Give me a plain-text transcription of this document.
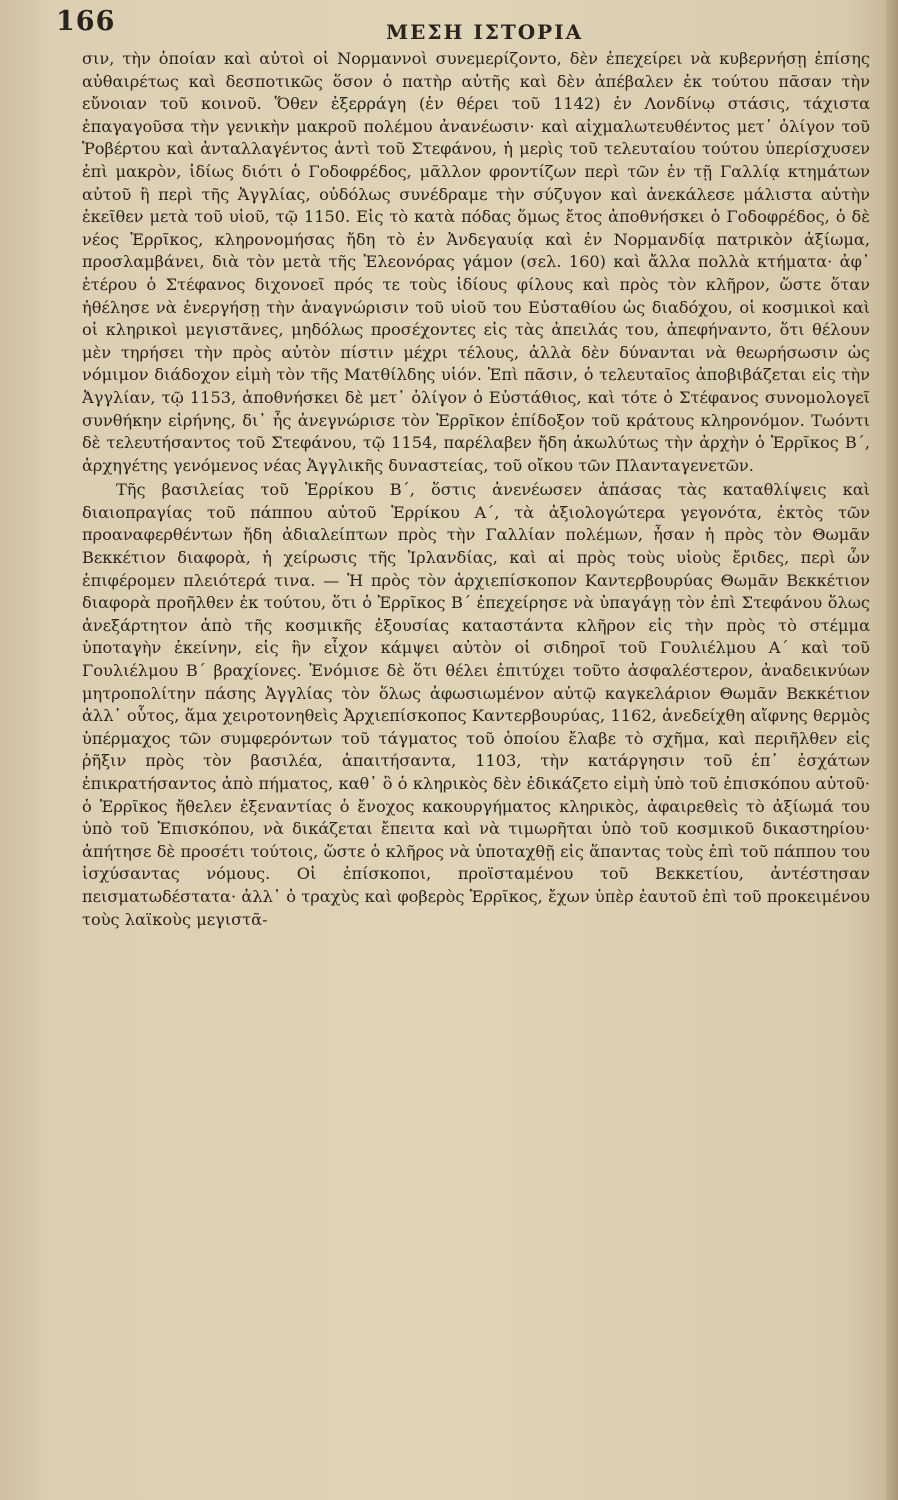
166	ΜΕΣΗ ΙΣΤΟΡΙΑ

σιν, τὴν ὁποίαν καὶ αὐτοὶ οἱ Νορμαννοὶ συνεμερίζοντο, δὲν ἐπεχείρει νὰ κυβερνήσῃ ἐπίσης αὐθαιρέτως καὶ δεσποτικῶς ὅσον ὁ πατὴρ αὐτῆς καὶ δὲν ἀπέβαλεν ἐκ τούτου πᾶσαν τὴν εὔνοιαν τοῦ κοινοῦ. Ὅθεν ἐξερράγη (ἐν θέρει τοῦ 1142) ἐν Λονδίνῳ στάσις, τάχιστα ἐπαγαγοῦσα τὴν γενικὴν μακροῦ πολέμου ἀνανέωσιν· καὶ αἰχμαλωτευθέντος μετ᾽ ὀλίγον τοῦ Ῥοβέρτου καὶ ἀνταλλαγέντος ἀντὶ τοῦ Στεφάνου, ἡ μερὶς τοῦ τελευταίου τούτου ὑπερίσχυσεν ἐπὶ μακρὸν, ἰδίως διότι ὁ Γοδοφρέδος, μᾶλλον φροντίζων περὶ τῶν ἐν τῇ Γαλλίᾳ κτημάτων αὐτοῦ ἢ περὶ τῆς Ἀγγλίας, οὐδόλως συνέδραμε τὴν σύζυγον καὶ ἀνεκάλεσε μάλιστα αὐτὴν ἐκεῖθεν μετὰ τοῦ υἱοῦ, τῷ 1150. Εἰς τὸ κατὰ πόδας ὅμως ἔτος ἀποθνήσκει ὁ Γοδοφρέδος, ὁ δὲ νέος Ἑρρῖκος, κληρονομήσας ἤδη τὸ ἐν Ἀνδεγαυίᾳ καὶ ἐν Νορμανδίᾳ πατρικὸν ἀξίωμα, προσλαμβάνει, διὰ τὸν μετὰ τῆς Ἐλεονόρας γάμον (σελ. 160) καὶ ἄλλα πολλὰ κτήματα· ἀφ᾽ ἑτέρου ὁ Στέφανος διχονοεῖ πρός τε τοὺς ἰδίους φίλους καὶ πρὸς τὸν κλῆρον, ὥστε ὅταν ἠθέλησε νὰ ἐνεργήσῃ τὴν ἀναγνώρισιν τοῦ υἱοῦ του Εὐσταθίου ὡς διαδόχου, οἱ κοσμικοὶ καὶ οἱ κληρικοὶ μεγιστᾶνες, μηδόλως προσέχοντες εἰς τὰς ἀπειλάς του, ἀπεφήναντο, ὅτι θέλουν μὲν τηρήσει τὴν πρὸς αὐτὸν πίστιν μέχρι τέλους, ἀλλὰ δὲν δύνανται νὰ θεωρήσωσιν ὡς νόμιμον διάδοχον εἰμὴ τὸν τῆς Ματθίλδης υἱόν. Ἐπὶ πᾶσιν, ὁ τελευταῖος ἀποβιβάζεται εἰς τὴν Ἀγγλίαν, τῷ 1153, ἀποθνήσκει δὲ μετ᾽ ὀλίγον ὁ Εὐστάθιος, καὶ τότε ὁ Στέφανος συνομολογεῖ συνθήκην εἰρήνης, δι᾽ ἧς ἀνεγνώρισε τὸν Ἑρρῖκον ἐπίδοξον τοῦ κράτους κληρονόμον. Τωόντι δὲ τελευτήσαντος τοῦ Στεφάνου, τῷ 1154, παρέλαβεν ἤδη ἀκωλύτως τὴν ἀρχὴν ὁ Ἑρρῖκος Β΄, ἀρχηγέτης γενόμενος νέας Ἀγγλικῆς δυναστείας, τοῦ οἴκου τῶν Πλανταγενετῶν.

Τῆς βασιλείας τοῦ Ἑρρίκου Β΄, ὅστις ἀνενέωσεν ἁπάσας τὰς καταθλίψεις καὶ διαιοπραγίας τοῦ πάππου αὐτοῦ Ἑρρίκου Α΄, τὰ ἀξιολογώτερα γεγονότα, ἐκτὸς τῶν προαναφερθέντων ἤδη ἀδιαλείπτων πρὸς τὴν Γαλλίαν πολέμων, ἦσαν ἡ πρὸς τὸν Θωμᾶν Βεκκέτιον διαφορὰ, ἡ χείρωσις τῆς Ἰρλανδίας, καὶ αἱ πρὸς τοὺς υἱοὺς ἔριδες, περὶ ὧν ἐπιφέρομεν πλειότερά τινα. — Ἡ πρὸς τὸν ἀρχιεπίσκοπον Καντερβουρύας Θωμᾶν Βεκκέτιον διαφορὰ προῆλθεν ἐκ τούτου, ὅτι ὁ Ἑρρῖκος Β΄ ἐπεχείρησε νὰ ὑπαγάγῃ τὸν ἐπὶ Στεφάνου ὅλως ἀνεξάρτητον ἀπὸ τῆς κοσμικῆς ἐξουσίας καταστάντα κλῆρον εἰς τὴν πρὸς τὸ στέμμα ὑποταγὴν ἐκείνην, εἰς ἣν εἶχον κάμψει αὐτὸν οἱ σιδηροῖ τοῦ Γουλιέλμου Α΄ καὶ τοῦ Γουλιέλμου Β΄ βραχίονες. Ἐνόμισε δὲ ὅτι θέλει ἐπιτύχει τοῦτο ἀσφαλέστερον, ἀναδεικνύων μητροπολίτην πάσης Ἀγγλίας τὸν ὅλως ἀφωσιωμένον αὐτῷ καγκελάριον Θωμᾶν Βεκκέτιον ἀλλ᾽ οὗτος, ἅμα χειροτονηθεὶς Ἀρχιεπίσκοπος Καντερβουρύας, 1162, ἀνεδείχθη αἴφνης θερμὸς ὑπέρμαχος τῶν συμφερόντων τοῦ τάγματος τοῦ ὁποίου ἔλαβε τὸ σχῆμα, καὶ περιῆλθεν εἰς ῥῆξιν πρὸς τὸν βασιλέα, ἀπαιτήσαντα, 1103, τὴν κατάργησιν τοῦ ἐπ᾽ ἐσχάτων ἐπικρατήσαντος ἀπὸ πήματος, καθ᾽ ὃ ὁ κληρικὸς δὲν ἐδικάζετο εἰμὴ ὑπὸ τοῦ ἐπισκόπου αὐτοῦ· ὁ Ἑρρῖκος ἤθελεν ἐξεναντίας ὁ ἔνοχος κακουργήματος κληρικὸς, ἀφαιρεθεὶς τὸ ἀξίωμά του ὑπὸ τοῦ Ἐπισκόπου, νὰ δικάζεται ἔπειτα καὶ νὰ τιμωρῆται ὑπὸ τοῦ κοσμικοῦ δικαστηρίου· ἀπήτησε δὲ προσέτι τούτοις, ὥστε ὁ κλῆρος νὰ ὑποταχθῇ εἰς ἅπαντας τοὺς ἐπὶ τοῦ πάππου του ἰσχύσαντας νόμους. Οἱ ἐπίσκοποι, προϊσταμένου τοῦ Βεκκετίου, ἀντέστησαν πεισματωδέστατα· ἀλλ᾽ ὁ τραχὺς καὶ φοβερὸς Ἑρρῖκος, ἔχων ὑπὲρ ἑαυτοῦ ἐπὶ τοῦ προκειμένου τοὺς λαϊκοὺς μεγιστᾶ-
